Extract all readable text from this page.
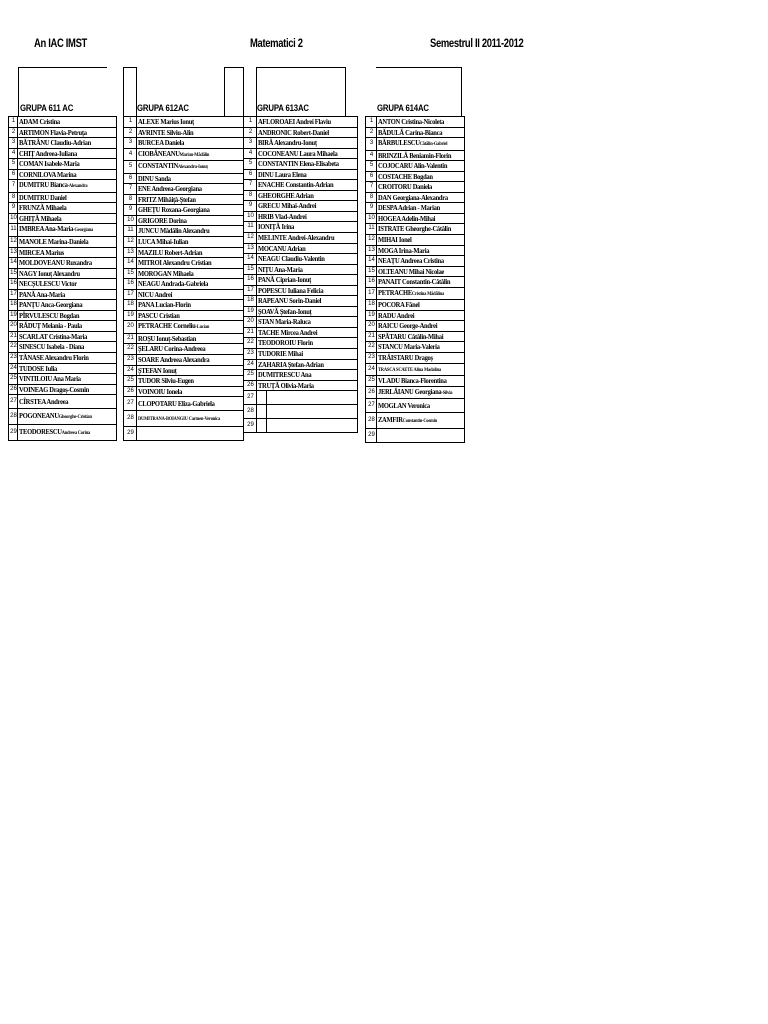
An IAC IMST	Matematici 2	Semestrul II 2011-2012
GRUPA 611 AC	GRUPA 612AC	GRUPA 613AC	GRUPA 614AC
1	ADAM Cristina
2	ARTIMON Flavia-Petruța
3	BĂTRÂNU Claudiu-Adrian
4	CHIȚ Andreea-Iuliana
5	COMAN Isabele-Maria
6	CORNILOVA Marina
7	DUMITRU Bianca-Alexandra
8	DUMITRU Daniel
9	FRUNZĂ Mihaela
10	GHIȚĂ Mihaela
11	IMBREA Ana-Maria-Georgiana
12	MANOLE Marina-Daniela
13	MIRCEA Marius
14	MOLDOVEANU Ruxandra
15	NAGY Ionuț Alexandru
16	NECȘULESCU Victor
17	PANĂ Ana-Maria
18	PANȚU Anca-Georgiana
19	PÎRVULESCU Bogdan
20	RĂDUȚ Melania - Paula
21	SCARLAT Cristina-Maria
22	SINESCU Isabela - Diana
23	TĂNASE Alexandru Florin
24	TUDOSE Iulia
25	VINTILOIU Ana Maria
26	VOINEAG Dragoș-Cosmin
27	CÎRSTEA Andreea
28	POGONEANUGheorghe-Cristian
29	TEODORESCUAndreea Corina
1	ALEXE Marius Ionuț
2	AVRINTE Silviu-Alin
3	BURCEA Daniela
4	CIOBĂNEANUMarian-Mădălin
5	CONSTANTINAlexandru-Ionuț
6	DINU Sanda
7	ENE Andreea-Georgiana
8	FRITZ Mihăiță-Ștefan
9	GHEȚU Roxana-Georgiana
10	GRIGORE Dorina
11	JUNCU Mădălin Alexandru
12	LUCA Mihai-Iulian
13	MAZILU Robert-Adrian
14	MITROI Alexandru Cristian
15	MOROGAN Mihaela
16	NEAGU Andrada-Gabriela
17	NICU Andrei
18	PANA Lucian-Florin
19	PASCU Cristian
20	PETRACHE Corneliu-Lucian
21	ROȘU Ionuț-Sebastian
22	ȘELARU Corina-Andreea
23	SOARE Andreea Alexandra
24	ȘTEFAN Ionuț
25	TUDOR Silviu-Eugen
26	VOINOIU Ionela
27	CLOPOTARU Eliza-Gabriela
28	DUMITRANA-BOIANGIU Carmen-Veronica
29	
1	AFLOROAEI Andrei Flaviu	
2	ANDRONIC Robert-Daniel	
3	BIRĂ Alexandru-Ionuț	
4	COCONEANU Laura Mihaela	
5	CONSTANTIN Elena-Elisabeta	
6	DINU Laura Elena	
7	ENACHE Constantin-Adrian	
8	GHEORGHE Adrian	
9	GRECU Mihai-Andrei	
10	HRIB Vlad-Andrei	
11	IONIȚĂ Irina	
12	MELINTE Andrei-Alexandru	
13	MOCANU Adrian	
14	NEAGU Claudiu-Valentin	
15	NIȚU Ana-Maria	
16	PANĂ Ciprian-Ionuț	
17	POPESCU Iuliana Felicia	
18	RAPEANU Sorin-Daniel	
19	ȘOAVĂ Ștefan-Ionuț	
20	STAN Maria-Raluca	
21	TACHE Mircea Andrei	
22	TEODOROIU Florin	
23	TUDORIE Mihai	
24	ZAHARIA Ștefan-Adrian	
25	DUMITRESCU Ana	
26	TRUȚĂ Olivia-Maria	
27		
28		
29		
1	ANTON Cristina-Nicoleta
2	BĂDULĂ Carina-Bianca
3	BĂRBULESCUCătălin-Gabriel
4	BRINZILĂ Beniamin-Florin
5	COJOCARU Alin-Valentin
6	COSTACHE Bogdan
7	CROITORU Daniela
8	DAN Georgiana-Alexandra
9	DESPA Adrian - Marian
10	HOGEA Adelin-Mihai
11	ISTRATE Gheorghe-Cătălin
12	MIHAI Ionel
13	MOGA Irina-Maria
14	NEAȚU Andreea Cristina
15	OLTEANU Mihai Nicolae
16	PANAIT Constantin-Cătălin
17	PETRACHECristina Mădălina
18	POCORA Fănel
19	RADU Andrei
20	RAICU George-Andrei
21	SPĂTARU Cătălin-Mihai
22	STANCU Maria-Valeria
23	TRĂISTARU Dragoș
24	TRASCA SCAETE Alina Madalina
25	VLADU Bianca-Florentina
26	JERLĂIANU Georgiana-Silvia
27	MOGLAN Veronica
28	ZAMFIRConstantin-Cosmin
29	
